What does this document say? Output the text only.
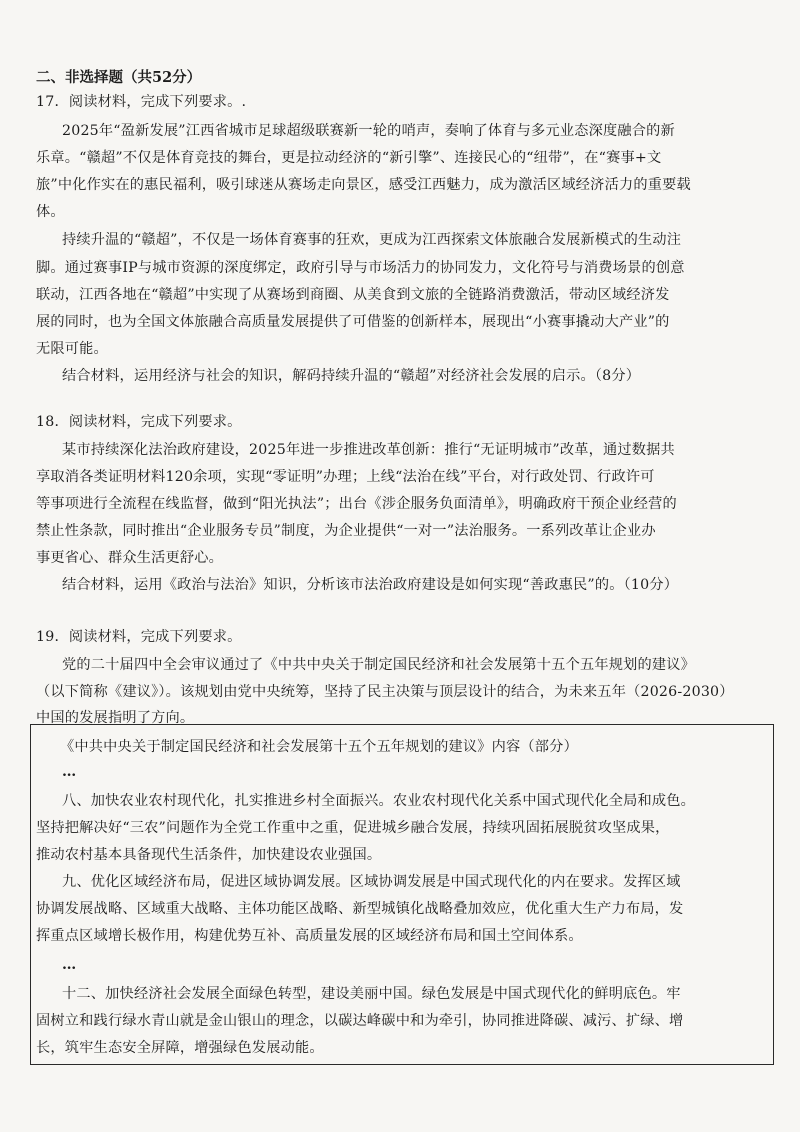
二、非选择题（共52分）
17．阅读材料，完成下列要求。.
2025年“盈新发展”江西省城市足球超级联赛新一轮的哨声，奏响了体育与多元业态深度融合的新
乐章。“赣超”不仅是体育竞技的舞台，更是拉动经济的“新引擎”、连接民心的“纽带”，在“赛事+文
旅”中化作实在的惠民福利，吸引球迷从赛场走向景区，感受江西魅力，成为激活区域经济活力的重要载
体。
持续升温的“赣超”，不仅是一场体育赛事的狂欢，更成为江西探索文体旅融合发展新模式的生动注
脚。通过赛事IP与城市资源的深度绑定，政府引导与市场活力的协同发力，文化符号与消费场景的创意
联动，江西各地在“赣超”中实现了从赛场到商圈、从美食到文旅的全链路消费激活，带动区域经济发
展的同时，也为全国文体旅融合高质量发展提供了可借鉴的创新样本，展现出“小赛事撬动大产业”的
无限可能。
结合材料，运用经济与社会的知识，解码持续升温的“赣超”对经济社会发展的启示。（8分）
18．阅读材料，完成下列要求。
某市持续深化法治政府建设，2025年进一步推进改革创新：推行“无证明城市”改革，通过数据共
享取消各类证明材料120余项，实现“零证明”办理；上线“法治在线”平台，对行政处罚、行政许可
等事项进行全流程在线监督，做到“阳光执法”；出台《涉企服务负面清单》，明确政府干预企业经营的
禁止性条款，同时推出“企业服务专员”制度，为企业提供“一对一”法治服务。一系列改革让企业办
事更省心、群众生活更舒心。
结合材料，运用《政治与法治》知识，分析该市法治政府建设是如何实现“善政惠民”的。（10分）
19．阅读材料，完成下列要求。
党的二十届四中全会审议通过了《中共中央关于制定国民经济和社会发展第十五个五年规划的建议》
（以下简称《建议》）。该规划由党中央统筹，坚持了民主决策与顶层设计的结合，为未来五年（2026-2030）
中国的发展指明了方向。
《中共中央关于制定国民经济和社会发展第十五个五年规划的建议》内容（部分）
…
八、加快农业农村现代化，扎实推进乡村全面振兴。农业农村现代化关系中国式现代化全局和成色。
坚持把解决好“三农”问题作为全党工作重中之重，促进城乡融合发展，持续巩固拓展脱贫攻坚成果，
推动农村基本具备现代生活条件，加快建设农业强国。
九、优化区域经济布局，促进区域协调发展。区域协调发展是中国式现代化的内在要求。发挥区域
协调发展战略、区域重大战略、主体功能区战略、新型城镇化战略叠加效应，优化重大生产力布局，发
挥重点区域增长极作用，构建优势互补、高质量发展的区域经济布局和国土空间体系。
…
十二、加快经济社会发展全面绿色转型，建设美丽中国。绿色发展是中国式现代化的鲜明底色。牢
固树立和践行绿水青山就是金山银山的理念，以碳达峰碳中和为牵引，协同推进降碳、减污、扩绿、增
长，筑牢生态安全屏障，增强绿色发展动能。
